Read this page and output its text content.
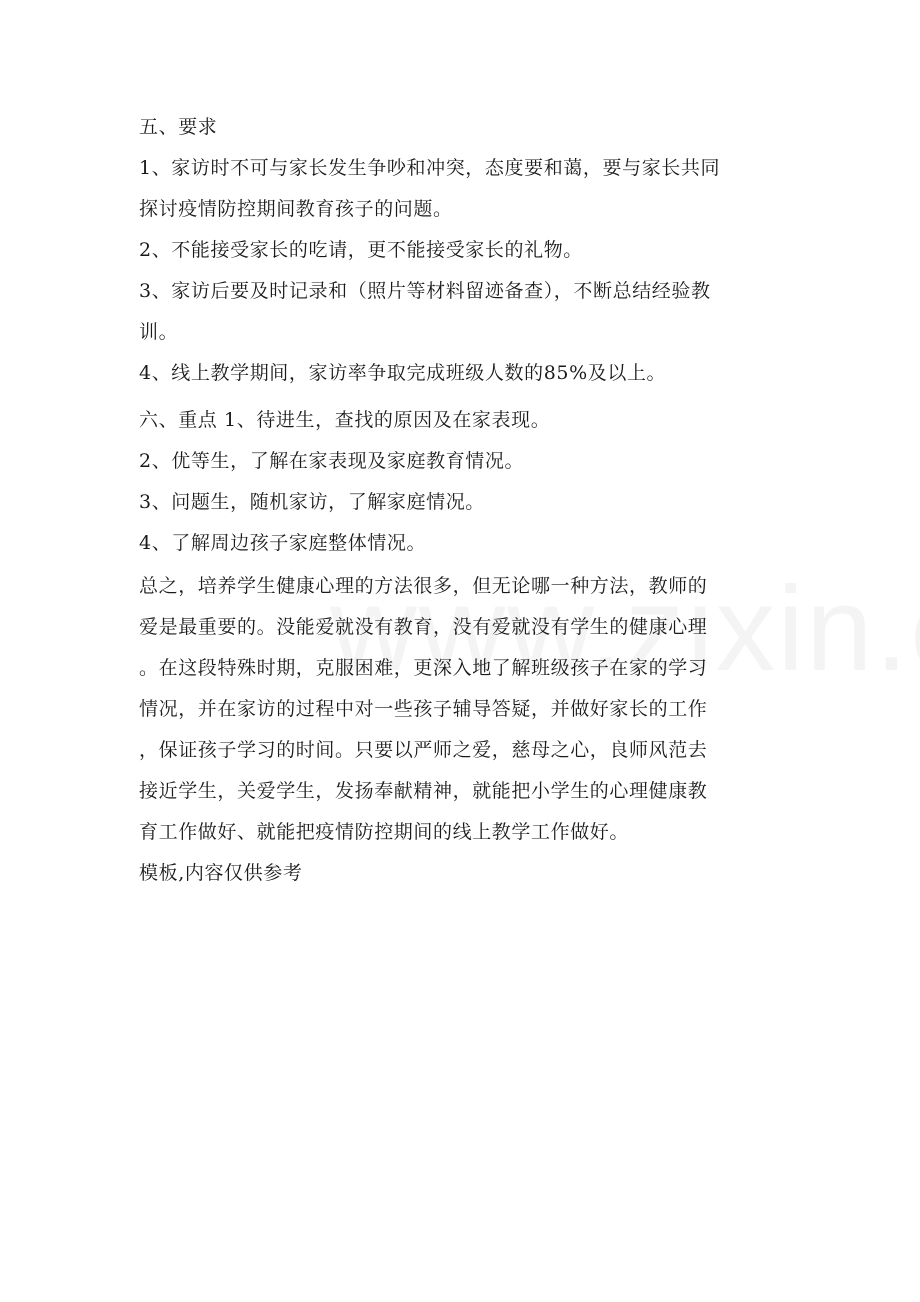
五、要求
1、家访时不可与家长发生争吵和冲突，态度要和蔼，要与家长共同
探讨疫情防控期间教育孩子的问题。
2、不能接受家长的吃请，更不能接受家长的礼物。
3、家访后要及时记录和（照片等材料留迹备查），不断总结经验教
训。
4、线上教学期间，家访率争取完成班级人数的85%及以上。
六、重点 1、待进生，查找的原因及在家表现。
2、优等生，了解在家表现及家庭教育情况。
3、问题生，随机家访，了解家庭情况。
4、了解周边孩子家庭整体情况。
总之，培养学生健康心理的方法很多，但无论哪一种方法，教师的
爱是最重要的。没能爱就没有教育，没有爱就没有学生的健康心理
。在这段特殊时期，克服困难，更深入地了解班级孩子在家的学习
情况，并在家访的过程中对一些孩子辅导答疑，并做好家长的工作
，保证孩子学习的时间。只要以严师之爱，慈母之心，良师风范去
接近学生，关爱学生，发扬奉献精神，就能把小学生的心理健康教
育工作做好、就能把疫情防控期间的线上教学工作做好。
模板,内容仅供参考
